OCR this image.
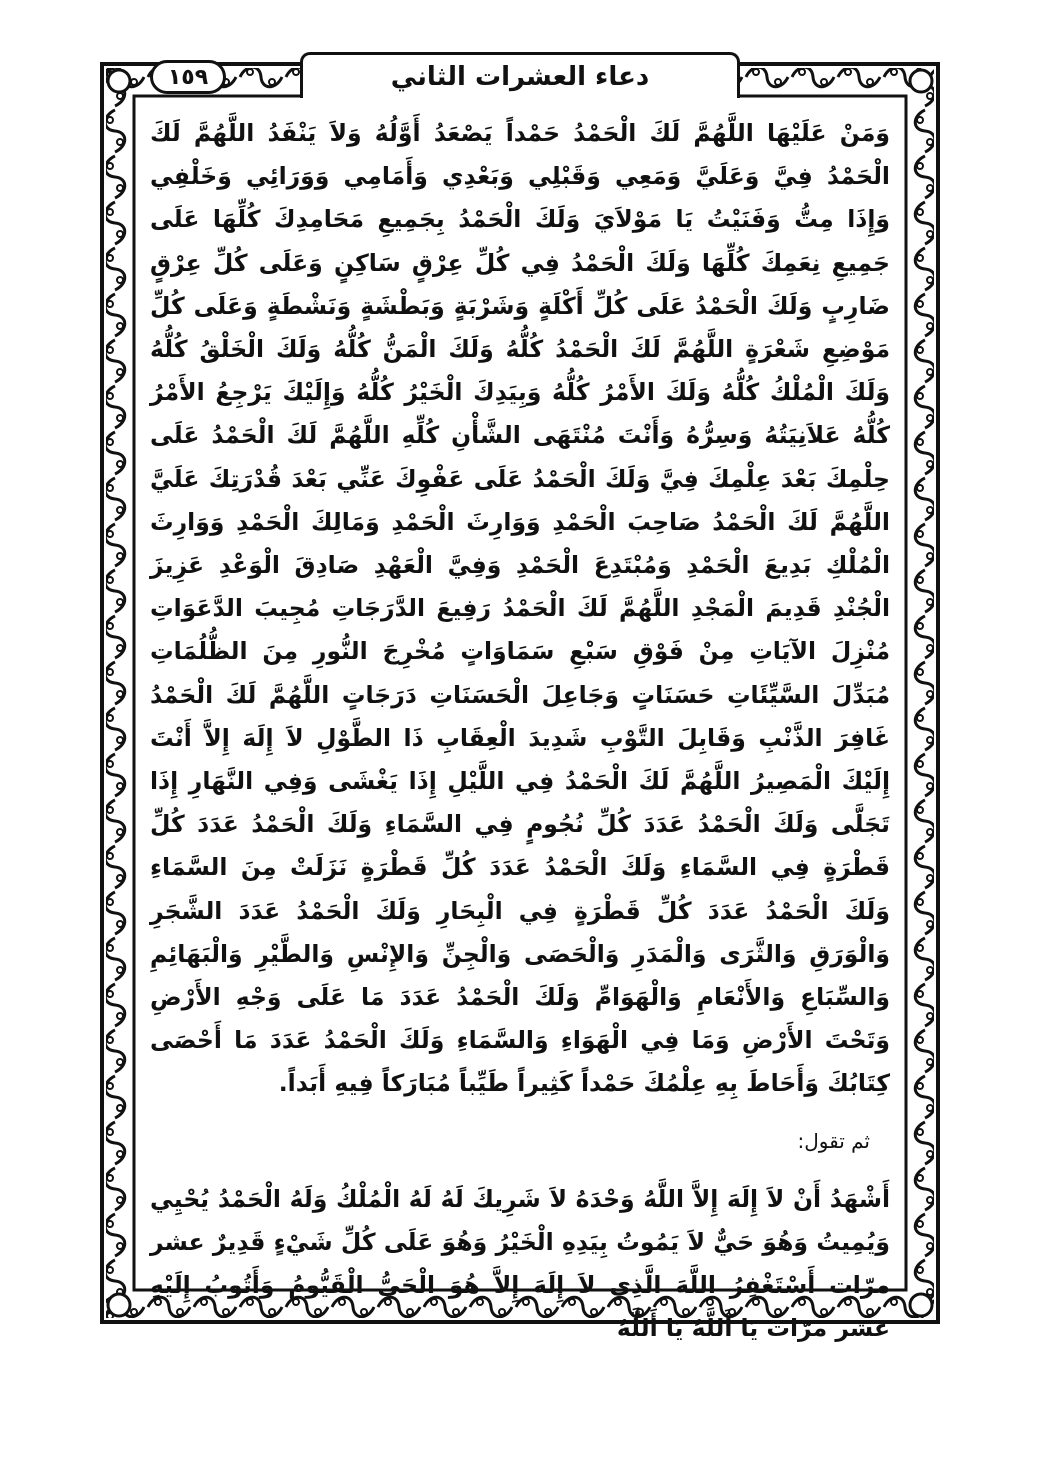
دعاء العشرات الثاني
١٥٩

وَمَنْ عَلَيْهَا اللَّهُمَّ لَكَ الْحَمْدُ حَمْداً يَصْعَدُ أَوَّلُهُ وَلاَ يَنْفَدُ اللَّهُمَّ لَكَ الْحَمْدُ فِيَّ وَعَلَيَّ وَمَعِي وَقَبْلِي وَبَعْدِي وَأَمَامِي وَوَرَائِي وَخَلْفِي وَإِذَا مِتُّ وَفَنَيْتُ يَا مَوْلاَيَ وَلَكَ الْحَمْدُ بِجَمِيعِ مَحَامِدِكَ كُلِّهَا عَلَى جَمِيعِ نِعَمِكَ كُلِّهَا وَلَكَ الْحَمْدُ فِي كُلِّ عِرْقٍ سَاكِنٍ وَعَلَى كُلِّ عِرْقٍ ضَارِبٍ وَلَكَ الْحَمْدُ عَلَى كُلِّ أَكْلَةٍ وَشَرْبَةٍ وَبَطْشَةٍ وَنَشْطَةٍ وَعَلَى كُلِّ مَوْضِعِ شَعْرَةٍ اللَّهُمَّ لَكَ الْحَمْدُ كُلُّهُ وَلَكَ الْمَنُّ كُلُّهُ وَلَكَ الْخَلْقُ كُلُّهُ وَلَكَ الْمُلْكُ كُلُّهُ وَلَكَ الأَمْرُ كُلُّهُ وَبِيَدِكَ الْخَيْرُ كُلُّهُ وَإِلَيْكَ يَرْجِعُ الأَمْرُ كُلُّهُ عَلاَنِيَتُهُ وَسِرُّهُ وَأَنْتَ مُنْتَهَى الشَّأْنِ كُلِّهِ اللَّهُمَّ لَكَ الْحَمْدُ عَلَى حِلْمِكَ بَعْدَ عِلْمِكَ فِيَّ وَلَكَ الْحَمْدُ عَلَى عَفْوِكَ عَنِّي بَعْدَ قُدْرَتِكَ عَلَيَّ اللَّهُمَّ لَكَ الْحَمْدُ صَاحِبَ الْحَمْدِ وَوَارِثَ الْحَمْدِ وَمَالِكَ الْحَمْدِ وَوَارِثَ الْمُلْكِ بَدِيعَ الْحَمْدِ وَمُبْتَدِعَ الْحَمْدِ وَفِيَّ الْعَهْدِ صَادِقَ الْوَعْدِ عَزِيزَ الْجُنْدِ قَدِيمَ الْمَجْدِ اللَّهُمَّ لَكَ الْحَمْدُ رَفِيعَ الدَّرَجَاتِ مُجِيبَ الدَّعَوَاتِ مُنْزِلَ الآيَاتِ مِنْ فَوْقِ سَبْعِ سَمَاوَاتٍ مُخْرِجَ النُّورِ مِنَ الظُّلُمَاتِ مُبَدِّلَ السَّيِّئَاتِ حَسَنَاتٍ وَجَاعِلَ الْحَسَنَاتِ دَرَجَاتٍ اللَّهُمَّ لَكَ الْحَمْدُ غَافِرَ الذَّنْبِ وَقَابِلَ التَّوْبِ شَدِيدَ الْعِقَابِ ذَا الطَّوْلِ لاَ إِلَهَ إِلاَّ أَنْتَ إِلَيْكَ الْمَصِيرُ اللَّهُمَّ لَكَ الْحَمْدُ فِي اللَّيْلِ إِذَا يَغْشَى وَفِي النَّهَارِ إِذَا تَجَلَّى وَلَكَ الْحَمْدُ عَدَدَ كُلِّ نُجُومٍ فِي السَّمَاءِ وَلَكَ الْحَمْدُ عَدَدَ كُلِّ قَطْرَةٍ فِي السَّمَاءِ وَلَكَ الْحَمْدُ عَدَدَ كُلِّ قَطْرَةٍ نَزَلَتْ مِنَ السَّمَاءِ وَلَكَ الْحَمْدُ عَدَدَ كُلِّ قَطْرَةٍ فِي الْبِحَارِ وَلَكَ الْحَمْدُ عَدَدَ الشَّجَرِ وَالْوَرَقِ وَالثَّرَى وَالْمَدَرِ وَالْحَصَى وَالْجِنِّ وَالإِنْسِ وَالطَّيْرِ وَالْبَهَائِمِ وَالسِّبَاعِ وَالأَنْعَامِ وَالْهَوَامِّ وَلَكَ الْحَمْدُ عَدَدَ مَا عَلَى وَجْهِ الأَرْضِ وَتَحْتَ الأَرْضِ وَمَا فِي الْهَوَاءِ وَالسَّمَاءِ وَلَكَ الْحَمْدُ عَدَدَ مَا أَحْصَى كِتَابُكَ وَأَحَاطَ بِهِ عِلْمُكَ حَمْداً كَثِيراً طَيِّباً مُبَارَكاً فِيهِ أَبَداً.

ثم تقول:

أَشْهَدُ أَنْ لاَ إِلَهَ إِلاَّ اللَّهُ وَحْدَهُ لاَ شَرِيكَ لَهُ لَهُ الْمُلْكُ وَلَهُ الْحَمْدُ يُحْيِي وَيُمِيتُ وَهُوَ حَيٌّ لاَ يَمُوتُ بِيَدِهِ الْخَيْرُ وَهُوَ عَلَى كُلِّ شَيْءٍ قَدِيرٌ عشر مرّات أَسْتَغْفِرُ اللَّهَ الَّذِي لاَ إِلَهَ إِلاَّ هُوَ الْحَيُّ الْقَيُّومُ وَأَتُوبُ إِلَيْهِ عشر مرّات يَا أَللَّهُ يَا أَللَّهُ
